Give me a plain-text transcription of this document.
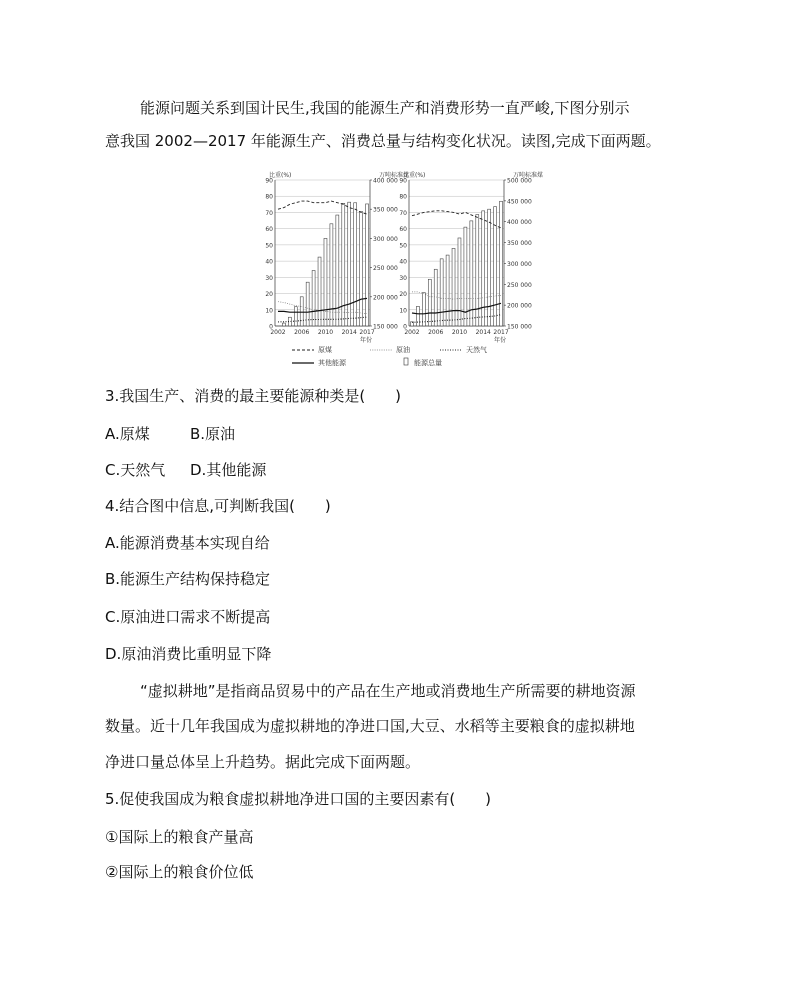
能源问题关系到国计民生,我国的能源生产和消费形势一直严峻,下图分别示
意我国 2002—2017 年能源生产、消费总量与结构变化状况。读图,完成下面两题。
0
10
20
30
40
50
60
70
80
90
150 000
200 000
250 000
300 000
350 000
400 000
比重(%)	万吨标准煤
2002 2006 2010 2014 2017
年份
0
10
20
30
40
50
60
70
80
90
150 000
200 000
250 000
300 000
350 000
400 000
450 000
500 000
比重(%)	万吨标准煤
2002 2006 2010 2014 2017
年份
原煤	原油	天然气
其他能源	能源总量
3.我国生产、消费的最主要能源种类是(　　)
A.原煤	B.原油
C.天然气 D.其他能源
4.结合图中信息,可判断我国(　　)
A.能源消费基本实现自给
B.能源生产结构保持稳定
C.原油进口需求不断提高
D.原油消费比重明显下降
“虚拟耕地”是指商品贸易中的产品在生产地或消费地生产所需要的耕地资源
数量。近十几年我国成为虚拟耕地的净进口国,大豆、水稻等主要粮食的虚拟耕地
净进口量总体呈上升趋势。据此完成下面两题。
5.促使我国成为粮食虚拟耕地净进口国的主要因素有(　　)
①国际上的粮食产量高
②国际上的粮食价位低
